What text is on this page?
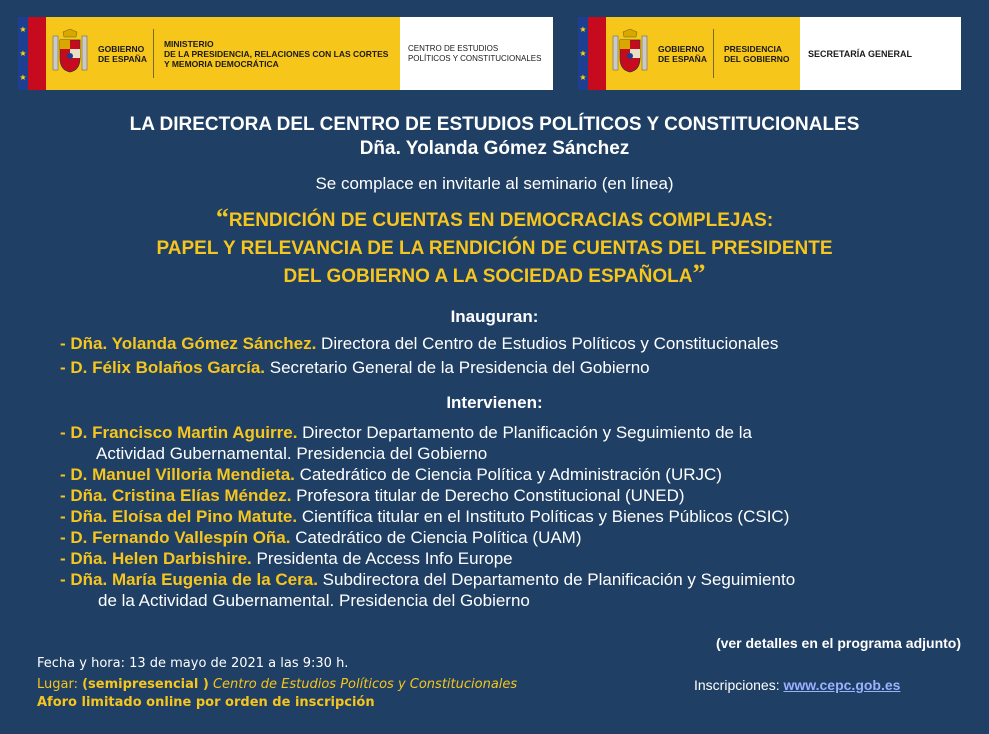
★
★
★
GOBIERNO
DE ESPAÑA
MINISTERIO
DE LA PRESIDENCIA, RELACIONES CON LAS CORTES
Y MEMORIA DEMOCRÁTICA
CENTRO DE ESTUDIOS
POLÍTICOS Y CONSTITUCIONALES
★
★
★
GOBIERNO
DE ESPAÑA
PRESIDENCIA
DEL GOBIERNO	SECRETARÍA GENERAL
LA DIRECTORA DEL CENTRO DE ESTUDIOS POLÍTICOS Y CONSTITUCIONALES
Dña. Yolanda Gómez Sánchez
Se complace en invitarle al seminario (en línea)
“RENDICIÓN DE CUENTAS EN DEMOCRACIAS COMPLEJAS:
PAPEL Y RELEVANCIA DE LA RENDICIÓN DE CUENTAS DEL PRESIDENTE
DEL GOBIERNO A LA SOCIEDAD ESPAÑOLA”
Inauguran:
- Dña. Yolanda Gómez Sánchez. Directora del Centro de Estudios Políticos y Constitucionales
- D. Félix Bolaños García. Secretario General de la Presidencia del Gobierno
Intervienen:
- D. Francisco Martin Aguirre. Director Departamento de Planificación y Seguimiento de la
Actividad Gubernamental. Presidencia del Gobierno
- D. Manuel Villoria Mendieta. Catedrático de Ciencia Política y Administración (URJC)
- Dña. Cristina Elías Méndez. Profesora titular de Derecho Constitucional (UNED)
- Dña. Eloísa del Pino Matute. Científica titular en el Instituto Políticas y Bienes Públicos (CSIC)
- D. Fernando Vallespín Oña. Catedrático de Ciencia Política (UAM)
- Dña. Helen Darbishire. Presidenta de Access Info Europe
- Dña. María Eugenia de la Cera. Subdirectora del Departamento de Planificación y Seguimiento
de la Actividad Gubernamental. Presidencia del Gobierno
(ver detalles en el programa adjunto)
Fecha y hora: 13 de mayo de 2021 a las 9:30 h.
Lugar: (semipresencial ) Centro de Estudios Políticos y Constitucionales
Aforo limitado online por orden de inscripción
Inscripciones: www.cepc.gob.es
